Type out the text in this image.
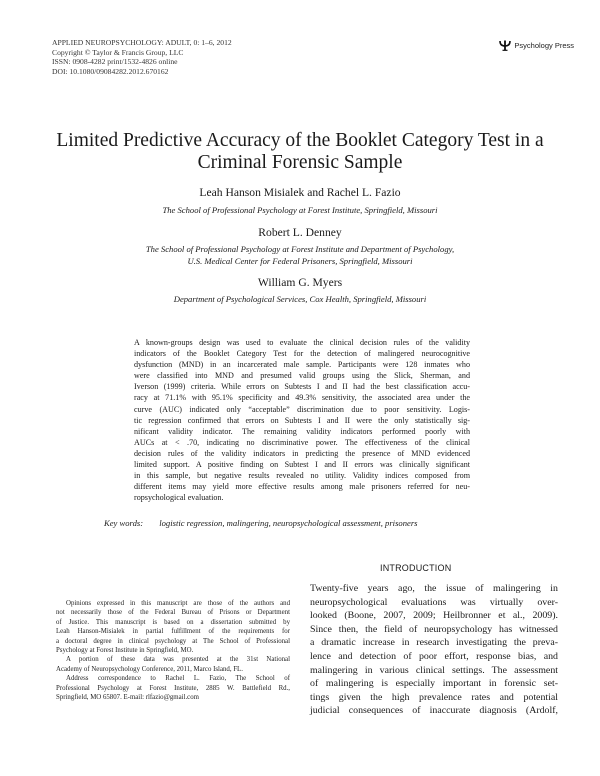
APPLIED NEUROPSYCHOLOGY: ADULT, 0: 1–6, 2012
Copyright © Taylor & Francis Group, LLC
ISSN: 0908-4282 print/1532-4826 online
DOI: 10.1080/09084282.2012.670162
Psychology Press
Limited Predictive Accuracy of the Booklet Category Test in a
Criminal Forensic Sample
Leah Hanson Misialek and Rachel L. Fazio
The School of Professional Psychology at Forest Institute, Springfield, Missouri
Robert L. Denney
The School of Professional Psychology at Forest Institute and Department of Psychology,
U.S. Medical Center for Federal Prisoners, Springfield, Missouri
William G. Myers
Department of Psychological Services, Cox Health, Springfield, Missouri
A known-groups design was used to evaluate the clinical decision rules of the validity
indicators of the Booklet Category Test for the detection of malingered neurocognitive
dysfunction (MND) in an incarcerated male sample. Participants were 128 inmates who
were classified into MND and presumed valid groups using the Slick, Sherman, and
Iverson (1999) criteria. While errors on Subtests I and II had the best classification accu-
racy at 71.1% with 95.1% specificity and 49.3% sensitivity, the associated area under the
curve (AUC) indicated only “acceptable” discrimination due to poor sensitivity. Logis-
tic regression confirmed that errors on Subtests I and II were the only statistically sig-
nificant validity indicator. The remaining validity indicators performed poorly with
AUCs at < .70, indicating no discriminative power. The effectiveness of the clinical
decision rules of the validity indicators in predicting the presence of MND evidenced
limited support. A positive finding on Subtest I and II errors was clinically significant
in this sample, but negative results revealed no utility. Validity indices composed from
different items may yield more effective results among male prisoners referred for neu-
ropsychological evaluation.
Key words: logistic regression, malingering, neuropsychological assessment, prisoners
INTRODUCTION
Opinions expressed in this manuscript are those of the authors and
not necessarily those of the Federal Bureau of Prisons or Department
of Justice. This manuscript is based on a dissertation submitted by
Leah Hanson-Misialek in partial fulfillment of the requirements for
a doctoral degree in clinical psychology at The School of Professional
Psychology at Forest Institute in Springfield, MO.
A portion of these data was presented at the 31st National
Academy of Neuropsychology Conference, 2011, Marco Island, FL.
Address correspondence to Rachel L. Fazio, The School of
Professional Psychology at Forest Institute, 2885 W. Battlefield Rd.,
Springfield, MO 65807. E-mail: rlfazio@gmail.com
Twenty-five years ago, the issue of malingering in
neuropsychological evaluations was virtually over-
looked (Boone, 2007, 2009; Heilbronner et al., 2009).
Since then, the field of neuropsychology has witnessed
a dramatic increase in research investigating the preva-
lence and detection of poor effort, response bias, and
malingering in various clinical settings. The assessment
of malingering is especially important in forensic set-
tings given the high prevalence rates and potential
judicial consequences of inaccurate diagnosis (Ardolf,
